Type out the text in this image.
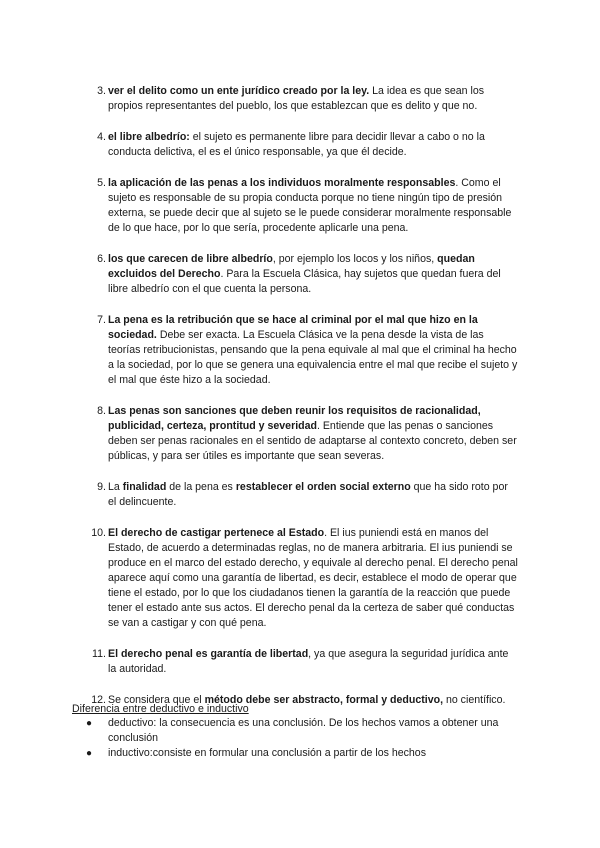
3. ver el delito como un ente jurídico creado por la ley. La idea es que sean los propios representantes del pueblo, los que establezcan que es delito y que no.
4. el libre albedrío: el sujeto es permanente libre para decidir llevar a cabo o no la conducta delictiva, el es el único responsable, ya que él decide.
5. la aplicación de las penas a los individuos moralmente responsables. Como el sujeto es responsable de su propia conducta porque no tiene ningún tipo de presión externa, se puede decir que al sujeto se le puede considerar moralmente responsable de lo que hace, por lo que sería, procedente aplicarle una pena.
6. los que carecen de libre albedrío, por ejemplo los locos y los niños, quedan excluidos del Derecho. Para la Escuela Clásica, hay sujetos que quedan fuera del libre albedrío con el que cuenta la persona.
7. La pena es la retribución que se hace al criminal por el mal que hizo en la sociedad. Debe ser exacta. La Escuela Clásica ve la pena desde la vista de las teorías retribucionistas, pensando que la pena equivale al mal que el criminal ha hecho a la sociedad, por lo que se genera una equivalencia entre el mal que recibe el sujeto y el mal que éste hizo a la sociedad.
8. Las penas son sanciones que deben reunir los requisitos de racionalidad, publicidad, certeza, prontitud y severidad. Entiende que las penas o sanciones deben ser penas racionales en el sentido de adaptarse al contexto concreto, deben ser públicas, y para ser útiles es importante que sean severas.
9. La finalidad de la pena es restablecer el orden social externo que ha sido roto por el delincuente.
10. El derecho de castigar pertenece al Estado. El ius puniendi está en manos del Estado, de acuerdo a determinadas reglas, no de manera arbitraria. El ius puniendi se produce en el marco del estado derecho, y equivale al derecho penal. El derecho penal aparece aquí como una garantía de libertad, es decir, establece el modo de operar que tiene el estado, por lo que los ciudadanos tienen la garantía de la reacción que puede tener el estado ante sus actos. El derecho penal da la certeza de saber qué conductas se van a castigar y con qué pena.
11. El derecho penal es garantía de libertad, ya que asegura la seguridad jurídica ante la autoridad.
12. Se considera que el método debe ser abstracto, formal y deductivo, no científico.

Diferencia entre deductivo e inductivo

● deductivo: la consecuencia es una conclusión. De los hechos vamos a obtener una conclusión
● inductivo:consiste en formular una conclusión a partir de los hechos
